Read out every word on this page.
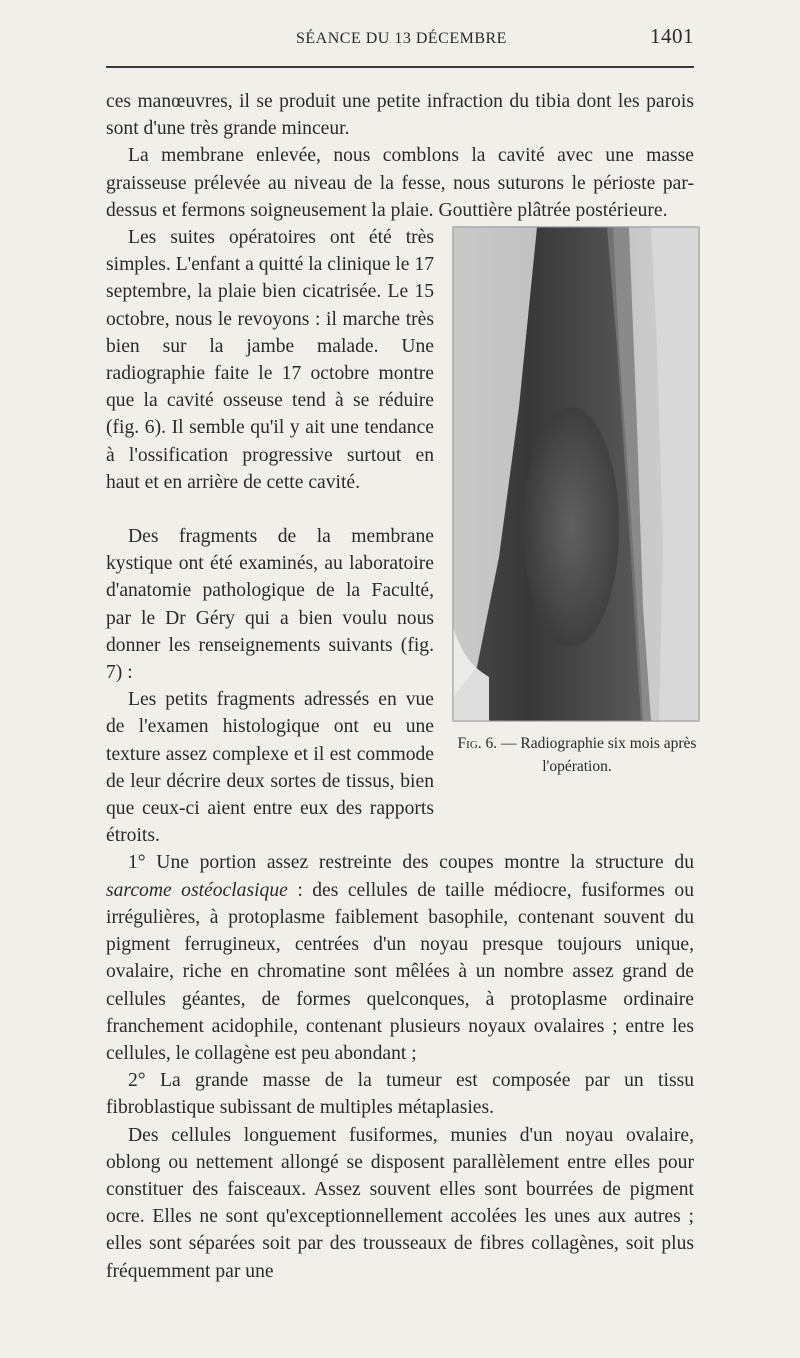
SÉANCE DU 13 DÉCEMBRE	1401

ces manœuvres, il se produit une petite infraction du tibia dont les parois sont d'une très grande minceur.

La membrane enlevée, nous comblons la cavité avec une masse graisseuse prélevée au niveau de la fesse, nous suturons le périoste par-dessus et fermons soigneusement la plaie. Gouttière plâtrée postérieure.

Fig. 6. — Radiographie six mois après l'opération.

Les suites opératoires ont été très simples. L'enfant a quitté la clinique le 17 septembre, la plaie bien cicatrisée. Le 15 octobre, nous le revoyons : il marche très bien sur la jambe malade. Une radiographie faite le 17 octobre montre que la cavité osseuse tend à se réduire (fig. 6). Il semble qu'il y ait une tendance à l'ossification progressive surtout en haut et en arrière de cette cavité.

Des fragments de la membrane kystique ont été examinés, au laboratoire d'anatomie pathologique de la Faculté, par le Dr Géry qui a bien voulu nous donner les renseignements suivants (fig. 7) :

Les petits fragments adressés en vue de l'examen histologique ont eu une texture assez complexe et il est commode de leur décrire deux sortes de tissus, bien que ceux-ci aient entre eux des rapports étroits.

1° Une portion assez restreinte des coupes montre la structure du sarcome ostéoclasique : des cellules de taille médiocre, fusiformes ou irrégulières, à protoplasme faiblement basophile, contenant souvent du pigment ferrugineux, centrées d'un noyau presque toujours unique, ovalaire, riche en chromatine sont mêlées à un nombre assez grand de cellules géantes, de formes quelconques, à protoplasme ordinaire franchement acidophile, contenant plusieurs noyaux ovalaires ; entre les cellules, le collagène est peu abondant ;

2° La grande masse de la tumeur est composée par un tissu fibroblastique subissant de multiples métaplasies.

Des cellules longuement fusiformes, munies d'un noyau ovalaire, oblong ou nettement allongé se disposent parallèlement entre elles pour constituer des faisceaux. Assez souvent elles sont bourrées de pigment ocre. Elles ne sont qu'exceptionnellement accolées les unes aux autres ; elles sont séparées soit par des trousseaux de fibres collagènes, soit plus fréquemment par une
